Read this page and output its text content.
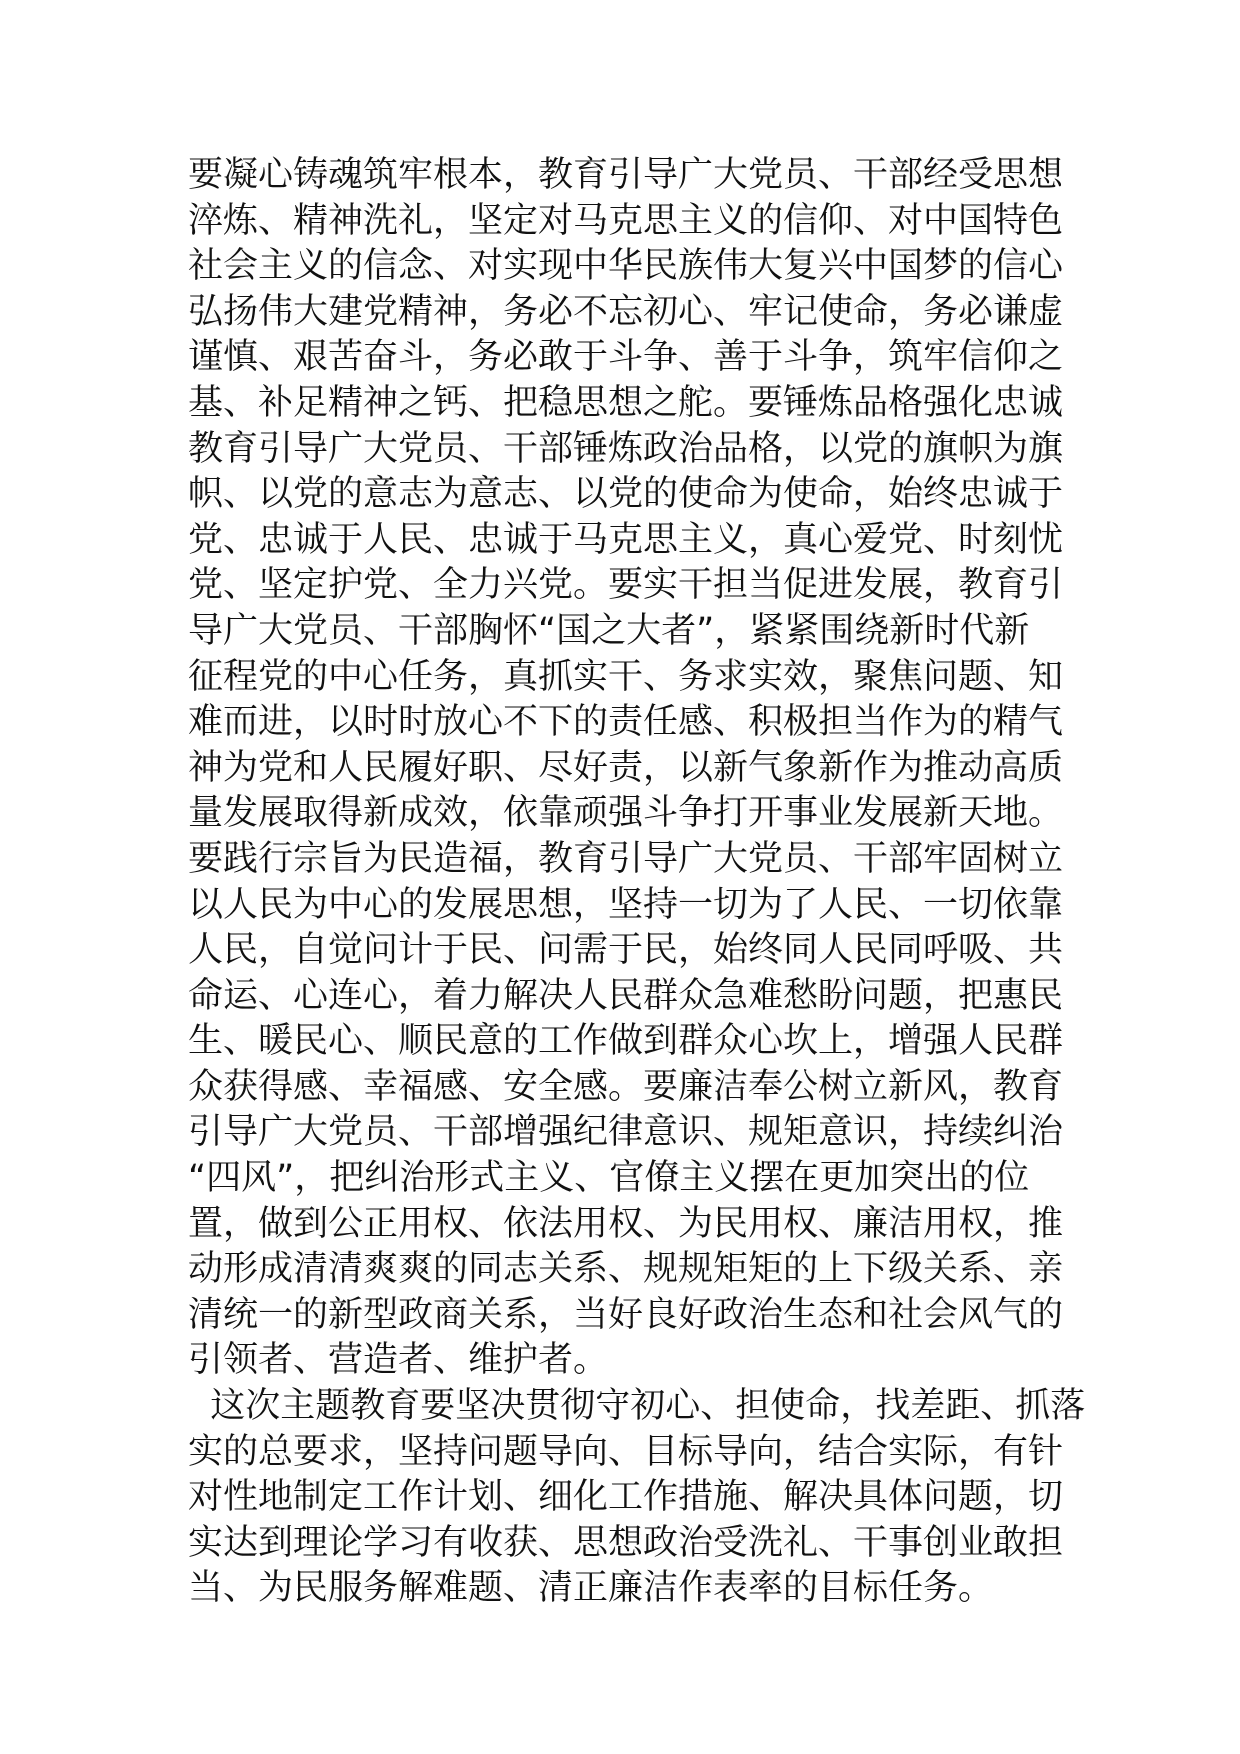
要凝心铸魂筑牢根本，教育引导广大党员、干部经受思想
淬炼、精神洗礼，坚定对马克思主义的信仰、对中国特色
社会主义的信念、对实现中华民族伟大复兴中国梦的信心
弘扬伟大建党精神，务必不忘初心、牢记使命，务必谦虚
谨慎、艰苦奋斗，务必敢于斗争、善于斗争，筑牢信仰之
基、补足精神之钙、把稳思想之舵。要锤炼品格强化忠诚
教育引导广大党员、干部锤炼政治品格，以党的旗帜为旗
帜、以党的意志为意志、以党的使命为使命，始终忠诚于
党、忠诚于人民、忠诚于马克思主义，真心爱党、时刻忧
党、坚定护党、全力兴党。要实干担当促进发展，教育引
导广大党员、干部胸怀“国之大者”，紧紧围绕新时代新
征程党的中心任务，真抓实干、务求实效，聚焦问题、知
难而进，以时时放心不下的责任感、积极担当作为的精气
神为党和人民履好职、尽好责，以新气象新作为推动高质
量发展取得新成效，依靠顽强斗争打开事业发展新天地。
要践行宗旨为民造福，教育引导广大党员、干部牢固树立
以人民为中心的发展思想，坚持一切为了人民、一切依靠
人民，自觉问计于民、问需于民，始终同人民同呼吸、共
命运、心连心，着力解决人民群众急难愁盼问题，把惠民
生、暖民心、顺民意的工作做到群众心坎上，增强人民群
众获得感、幸福感、安全感。要廉洁奉公树立新风，教育
引导广大党员、干部增强纪律意识、规矩意识，持续纠治
“四风”，把纠治形式主义、官僚主义摆在更加突出的位
置，做到公正用权、依法用权、为民用权、廉洁用权，推
动形成清清爽爽的同志关系、规规矩矩的上下级关系、亲
清统一的新型政商关系，当好良好政治生态和社会风气的
引领者、营造者、维护者。
这次主题教育要坚决贯彻守初心、担使命，找差距、抓落
实的总要求，坚持问题导向、目标导向，结合实际，有针
对性地制定工作计划、细化工作措施、解决具体问题，切
实达到理论学习有收获、思想政治受洗礼、干事创业敢担
当、为民服务解难题、清正廉洁作表率的目标任务。
